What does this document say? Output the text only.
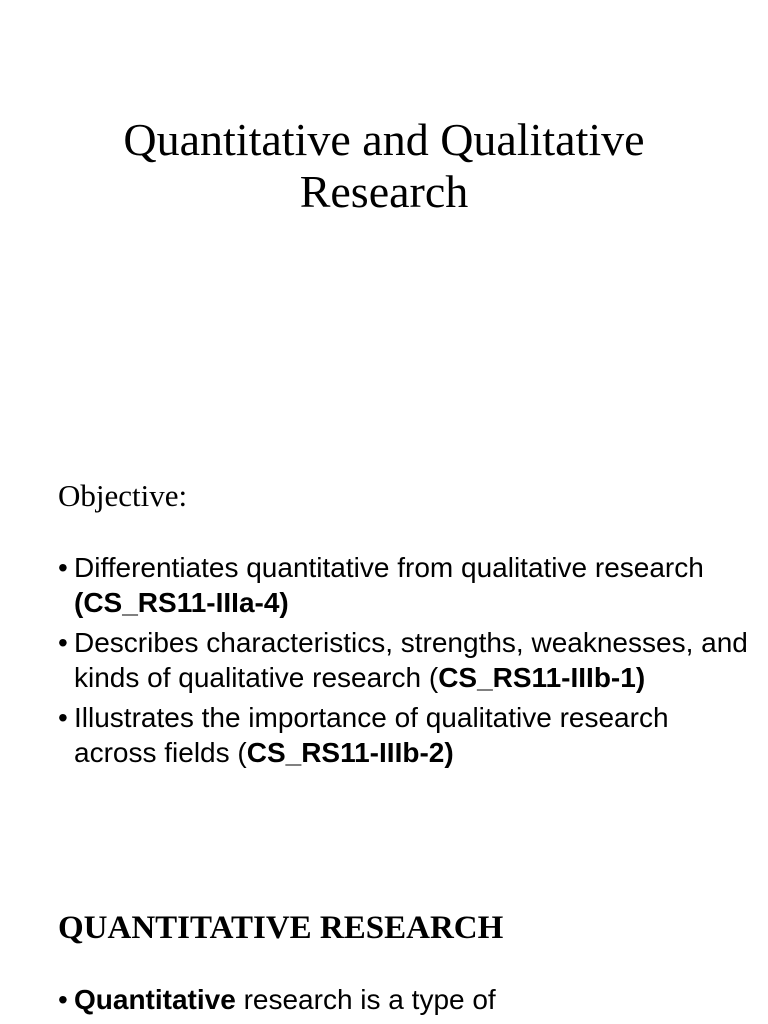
Quantitative and Qualitative
Research
Objective:
• Differentiates quantitative from qualitative research (CS_RS11-IIIa-4)
• Describes characteristics, strengths, weaknesses, and kinds of qualitative research (CS_RS11-IIIb-1)
• Illustrates the importance of qualitative research across fields (CS_RS11-IIIb-2)
QUANTITATIVE RESEARCH
• Quantitative research is a type of
